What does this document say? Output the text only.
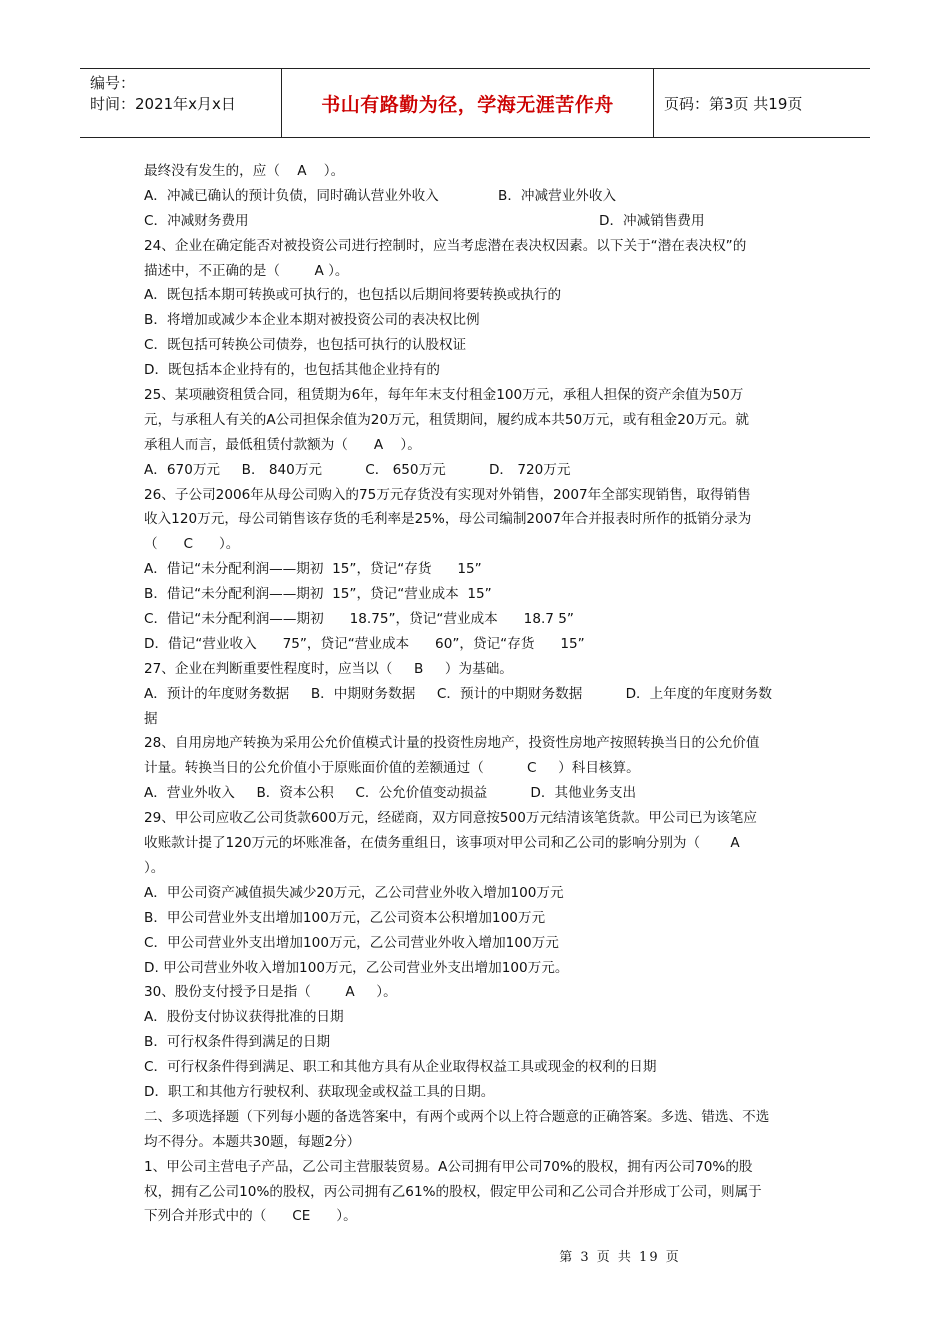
编号：
时间：2021年x月x日	书山有路勤为径，学海无涯苦作舟	页码：第3页 共19页
最终没有发生的，应（    A    ）。
A．冲减已确认的预计负债，同时确认营业外收入	B．冲减营业外收入
C．冲减财务费用	D．冲减销售费用
24、企业在确定能否对被投资公司进行控制时，应当考虑潜在表决权因素。以下关于“潜在表决权”的
描述中，不正确的是（        A ）。
A．既包括本期可转换或可执行的，也包括以后期间将要转换或执行的
B．将增加或减少本企业本期对被投资公司的表决权比例
C．既包括可转换公司债券，也包括可执行的认股权证
D．既包括本企业持有的，也包括其他企业持有的
25、某项融资租赁合同，租赁期为6年，每年年末支付租金100万元，承租人担保的资产余值为50万
元，与承租人有关的A公司担保余值为20万元，租赁期间，履约成本共50万元，或有租金20万元。就
承租人而言，最低租赁付款额为（      A    ）。
A．670万元     B． 840万元          C． 650万元          D． 720万元
26、子公司2006年从母公司购入的75万元存货没有实现对外销售，2007年全部实现销售，取得销售
收入120万元，母公司销售该存货的毛利率是25%，母公司编制2007年合并报表时所作的抵销分录为
（      C      ）。
A．借记“未分配利润——期初  15”，贷记“存货      15”
B．借记“未分配利润——期初  15”，贷记“营业成本  15”
C．借记“未分配利润——期初      18.75”，贷记“营业成本      18.7 5”
D．借记“营业收入      75”，贷记“营业成本      60”，贷记“存货      15”
27、企业在判断重要性程度时，应当以（     B     ）为基础。
A．预计的年度财务数据     B．中期财务数据     C．预计的中期财务数据          D．上年度的年度财务数
据
28、自用房地产转换为采用公允价值模式计量的投资性房地产，投资性房地产按照转换当日的公允价值
计量。转换当日的公允价值小于原账面价值的差额通过（          C     ）科目核算。
A．营业外收入     B．资本公积     C．公允价值变动损益          D．其他业务支出
29、甲公司应收乙公司货款600万元，经磋商，双方同意按500万元结清该笔货款。甲公司已为该笔应
收账款计提了120万元的坏账准备，在债务重组日，该事项对甲公司和乙公司的影响分别为（       A
）。
A．甲公司资产减值损失减少20万元，乙公司营业外收入增加100万元
B．甲公司营业外支出增加100万元，乙公司资本公积增加100万元
C．甲公司营业外支出增加100万元，乙公司营业外收入增加100万元
D. 甲公司营业外收入增加100万元，乙公司营业外支出增加100万元。
30、股份支付授予日是指（        A     ）。
A．股份支付协议获得批准的日期
B．可行权条件得到满足的日期
C．可行权条件得到满足、职工和其他方具有从企业取得权益工具或现金的权利的日期
D．职工和其他方行驶权利、获取现金或权益工具的日期。
二、多项选择题（下列每小题的备选答案中，有两个或两个以上符合题意的正确答案。多选、错选、不选
均不得分。本题共30题，每题2分）
1、甲公司主营电子产品，乙公司主营服装贸易。A公司拥有甲公司70%的股权，拥有丙公司70%的股
权，拥有乙公司10%的股权，丙公司拥有乙61%的股权，假定甲公司和乙公司合并形成丁公司，则属于
下列合并形式中的（      CE      ）。
第 3 页 共 19 页
